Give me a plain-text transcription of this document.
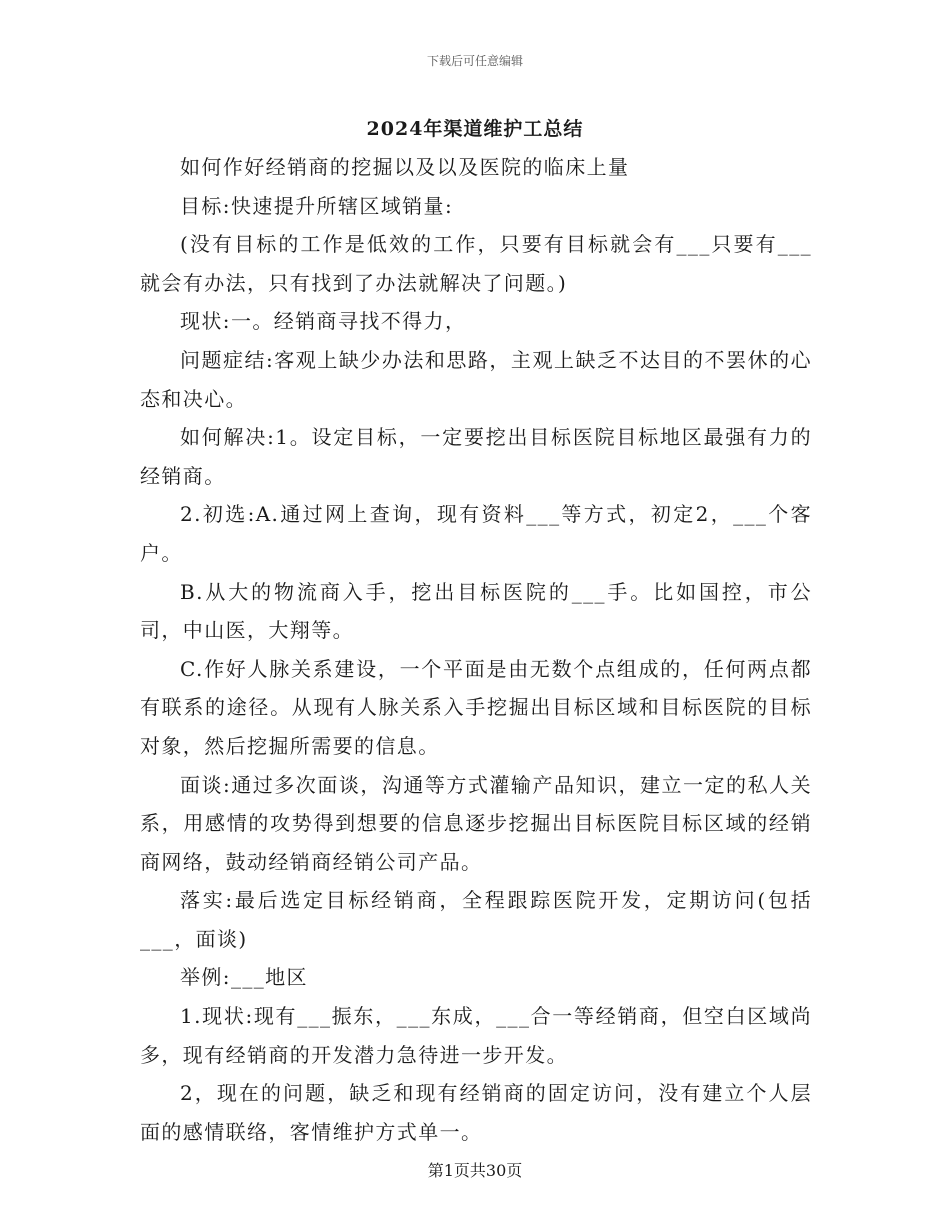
下载后可任意编辑
2024年渠道维护工总结

如何作好经销商的挖掘以及以及医院的临床上量

目标:快速提升所辖区域销量:

(没有目标的工作是低效的工作，只要有目标就会有___只要有___就会有办法，只有找到了办法就解决了问题。)

现状:一。经销商寻找不得力，

问题症结:客观上缺少办法和思路，主观上缺乏不达目的不罢休的心态和决心。

如何解决:1。设定目标，一定要挖出目标医院目标地区最强有力的经销商。

2.初选:A.通过网上查询，现有资料___等方式，初定2，___个客户。

B.从大的物流商入手，挖出目标医院的___手。比如国控，市公司，中山医，大翔等。

C.作好人脉关系建设，一个平面是由无数个点组成的，任何两点都有联系的途径。从现有人脉关系入手挖掘出目标区域和目标医院的目标对象，然后挖掘所需要的信息。

面谈:通过多次面谈，沟通等方式灌输产品知识，建立一定的私人关系，用感情的攻势得到想要的信息逐步挖掘出目标医院目标区域的经销商网络，鼓动经销商经销公司产品。

落实:最后选定目标经销商，全程跟踪医院开发，定期访问(包括___，面谈)

举例:___地区

1.现状:现有___振东，___东成，___合一等经销商，但空白区域尚多，现有经销商的开发潜力急待进一步开发。

2，现在的问题，缺乏和现有经销商的固定访问，没有建立个人层面的感情联络，客情维护方式单一。

第1页共30页
